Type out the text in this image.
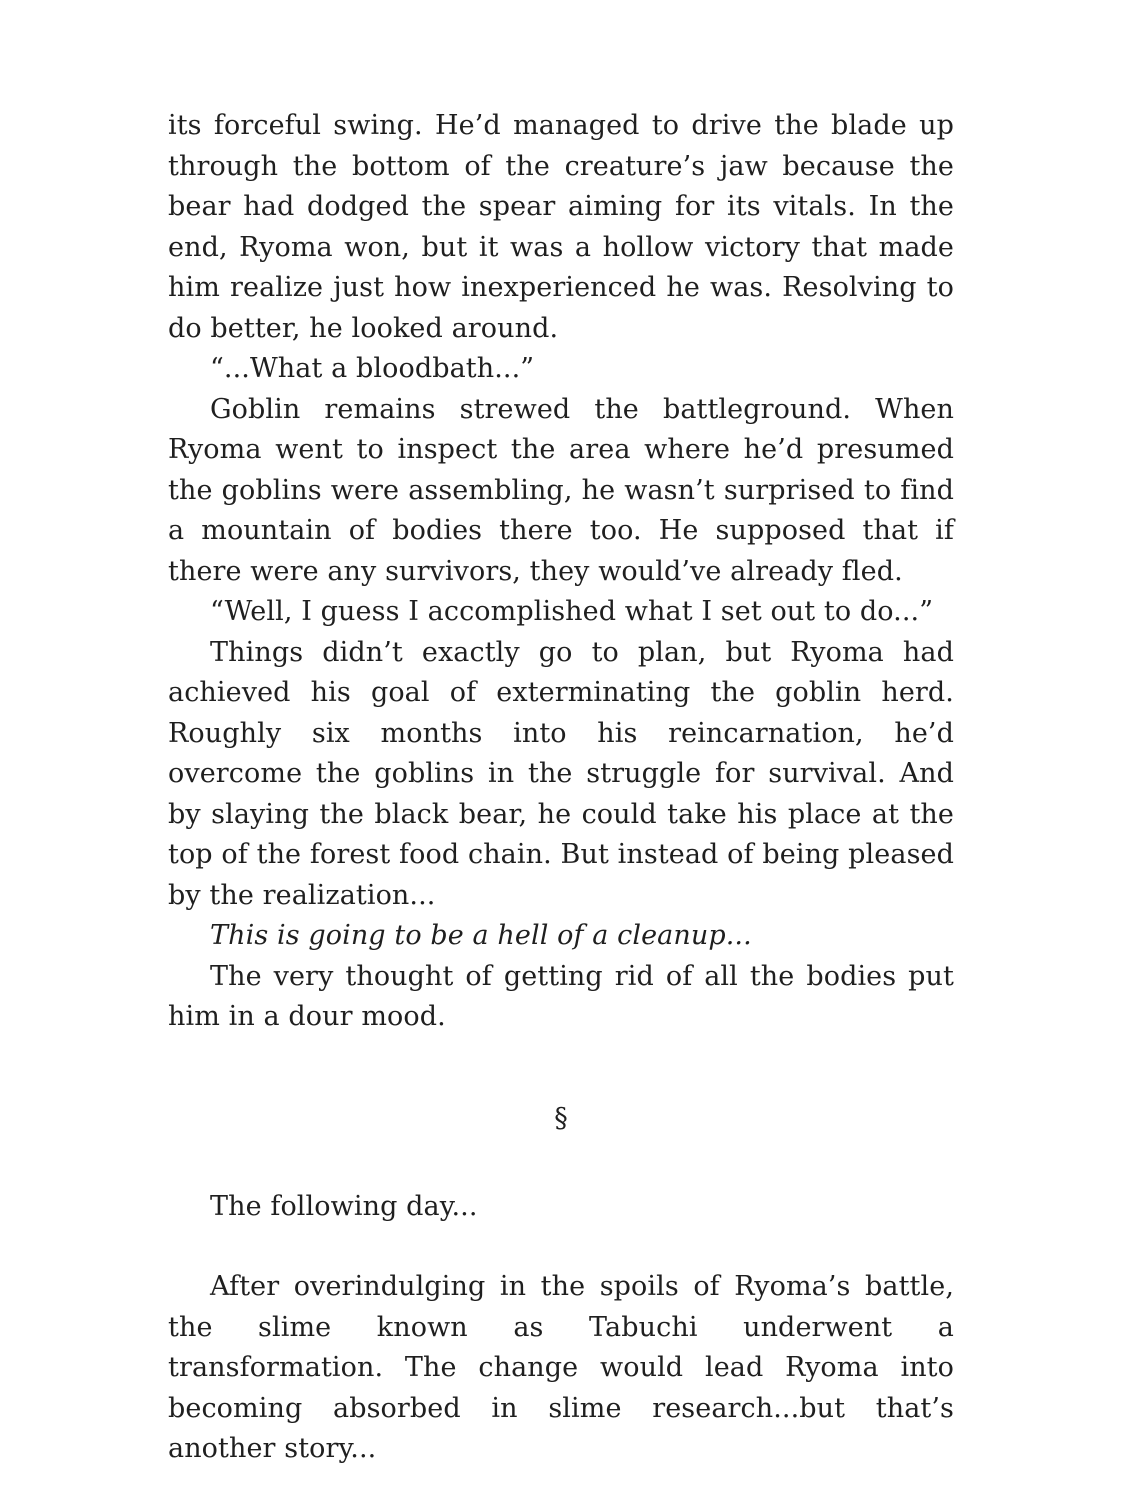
its forceful swing. He’d managed to drive the blade up through the bottom of the creature’s jaw because the bear had dodged the spear aiming for its vitals. In the end, Ryoma won, but it was a hollow victory that made him realize just how inexperienced he was. Resolving to do better, he looked around.

“...What a bloodbath...”

Goblin remains strewed the battleground. When Ryoma went to inspect the area where he’d presumed the goblins were assembling, he wasn’t surprised to find a mountain of bodies there too. He supposed that if there were any survivors, they would’ve already fled.

“Well, I guess I accomplished what I set out to do...”

Things didn’t exactly go to plan, but Ryoma had achieved his goal of exterminating the goblin herd. Roughly six months into his reincarnation, he’d overcome the goblins in the struggle for survival. And by slaying the black bear, he could take his place at the top of the forest food chain. But instead of being pleased by the realization...

This is going to be a hell of a cleanup...

The very thought of getting rid of all the bodies put him in a dour mood.

§

The following day...

After overindulging in the spoils of Ryoma’s battle, the slime known as Tabuchi underwent a transformation. The change would lead Ryoma into becoming absorbed in slime research...but that’s another story...
